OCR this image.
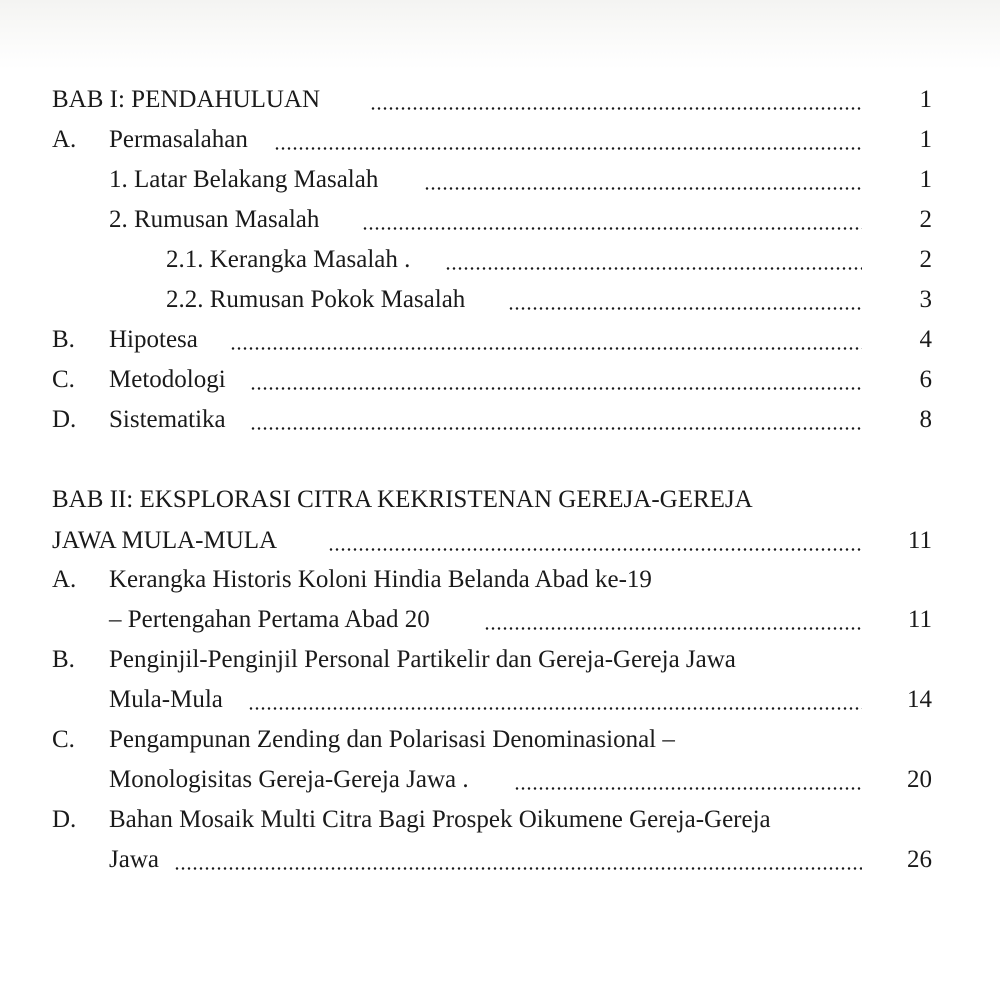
BAB I: PENDAHULUAN	1
A. Permasalahan	1
1. Latar Belakang Masalah	1
2. Rumusan Masalah	2
2.1. Kerangka Masalah .	2
2.2. Rumusan Pokok Masalah	3
B. Hipotesa	4
C. Metodologi	6
D. Sistematika	8
BAB II: EKSPLORASI CITRA KEKRISTENAN GEREJA-GEREJA
JAWA MULA-MULA	11
A. Kerangka Historis Koloni Hindia Belanda Abad ke-19
– Pertengahan Pertama Abad 20	11
B. Penginjil-Penginjil Personal Partikelir dan Gereja-Gereja Jawa
Mula-Mula	14
C. Pengampunan Zending dan Polarisasi Denominasional –
Monologisitas Gereja-Gereja Jawa .	20
D. Bahan Mosaik Multi Citra Bagi Prospek Oikumene Gereja-Gereja
Jawa	26
